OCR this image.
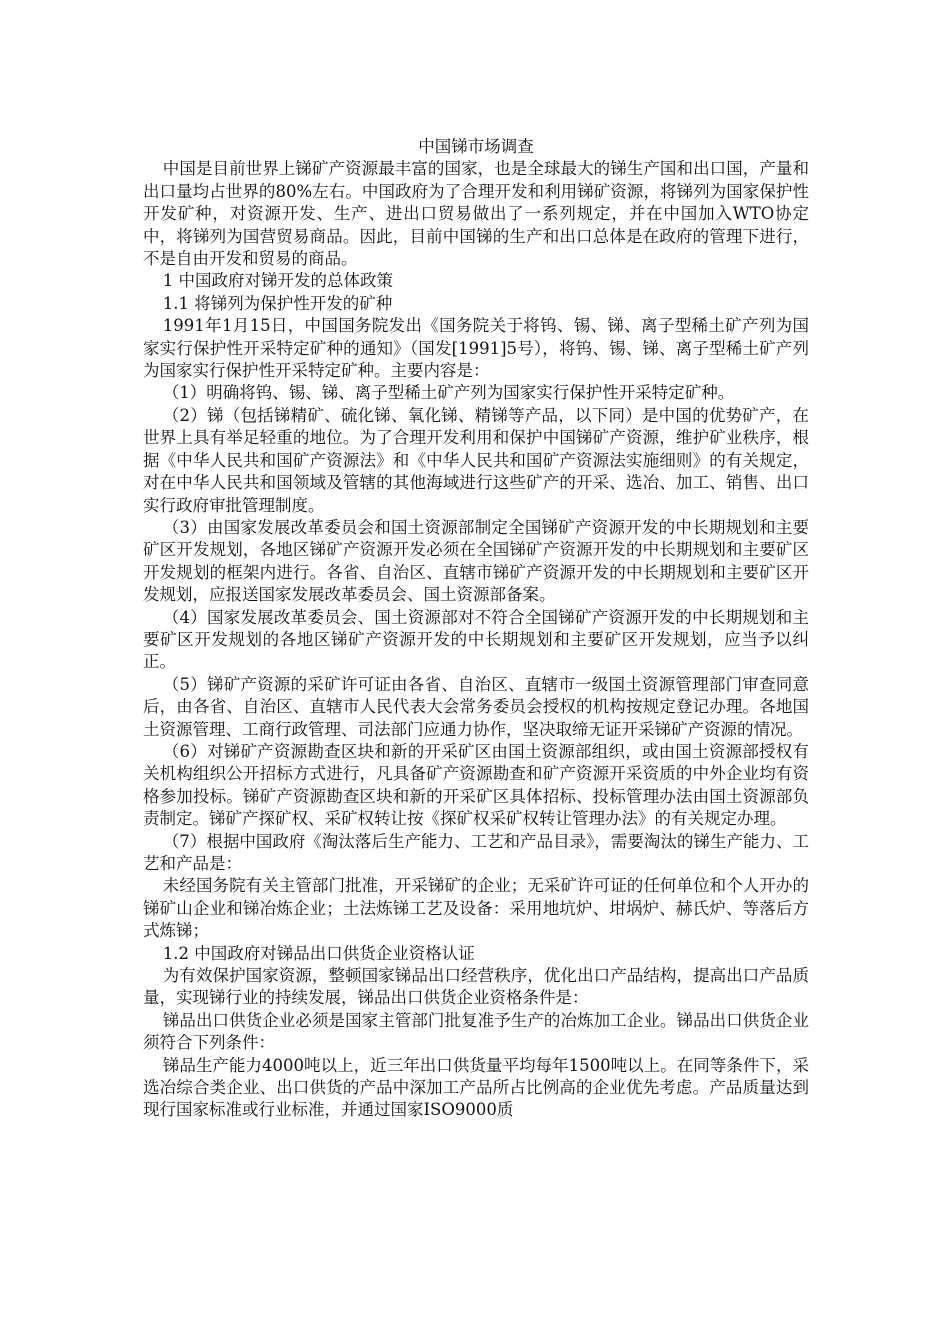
中国锑市场调查

中国是目前世界上锑矿产资源最丰富的国家，也是全球最大的锑生产国和出口国，产量和出口量均占世界的80%左右。中国政府为了合理开发和利用锑矿资源，将锑列为国家保护性开发矿种，对资源开发、生产、进出口贸易做出了一系列规定，并在中国加入WTO协定中，将锑列为国营贸易商品。因此，目前中国锑的生产和出口总体是在政府的管理下进行，不是自由开发和贸易的商品。

1 中国政府对锑开发的总体政策

1.1 将锑列为保护性开发的矿种

1991年1月15日，中国国务院发出《国务院关于将钨、锡、锑、离子型稀土矿产列为国家实行保护性开采特定矿种的通知》（国发[1991]5号），将钨、锡、锑、离子型稀土矿产列为国家实行保护性开采特定矿种。主要内容是：

（1）明确将钨、锡、锑、离子型稀土矿产列为国家实行保护性开采特定矿种。

（2）锑（包括锑精矿、硫化锑、氧化锑、精锑等产品，以下同）是中国的优势矿产，在世界上具有举足轻重的地位。为了合理开发利用和保护中国锑矿产资源，维护矿业秩序，根据《中华人民共和国矿产资源法》和《中华人民共和国矿产资源法实施细则》的有关规定，对在中华人民共和国领域及管辖的其他海域进行这些矿产的开采、选冶、加工、销售、出口实行政府审批管理制度。

（3）由国家发展改革委员会和国土资源部制定全国锑矿产资源开发的中长期规划和主要矿区开发规划，各地区锑矿产资源开发必须在全国锑矿产资源开发的中长期规划和主要矿区开发规划的框架内进行。各省、自治区、直辖市锑矿产资源开发的中长期规划和主要矿区开发规划，应报送国家发展改革委员会、国土资源部备案。

（4）国家发展改革委员会、国土资源部对不符合全国锑矿产资源开发的中长期规划和主要矿区开发规划的各地区锑矿产资源开发的中长期规划和主要矿区开发规划，应当予以纠正。

（5）锑矿产资源的采矿许可证由各省、自治区、直辖市一级国土资源管理部门审查同意后，由各省、自治区、直辖市人民代表大会常务委员会授权的机构按规定登记办理。各地国土资源管理、工商行政管理、司法部门应通力协作，坚决取缔无证开采锑矿产资源的情况。

（6）对锑矿产资源勘查区块和新的开采矿区由国土资源部组织，或由国土资源部授权有关机构组织公开招标方式进行，凡具备矿产资源勘查和矿产资源开采资质的中外企业均有资格参加投标。锑矿产资源勘查区块和新的开采矿区具体招标、投标管理办法由国土资源部负责制定。锑矿产探矿权、采矿权转让按《探矿权采矿权转让管理办法》的有关规定办理。

（7）根据中国政府《淘汰落后生产能力、工艺和产品目录》，需要淘汰的锑生产能力、工艺和产品是：

未经国务院有关主管部门批准，开采锑矿的企业；无采矿许可证的任何单位和个人开办的锑矿山企业和锑冶炼企业；土法炼锑工艺及设备：采用地坑炉、坩埚炉、赫氏炉、等落后方式炼锑；

1.2 中国政府对锑品出口供货企业资格认证

为有效保护国家资源，整顿国家锑品出口经营秩序，优化出口产品结构，提高出口产品质量，实现锑行业的持续发展，锑品出口供货企业资格条件是：

锑品出口供货企业必须是国家主管部门批复准予生产的冶炼加工企业。锑品出口供货企业须符合下列条件：

锑品生产能力4000吨以上，近三年出口供货量平均每年1500吨以上。在同等条件下，采选冶综合类企业、出口供货的产品中深加工产品所占比例高的企业优先考虑。产品质量达到现行国家标准或行业标准，并通过国家ISO9000质
